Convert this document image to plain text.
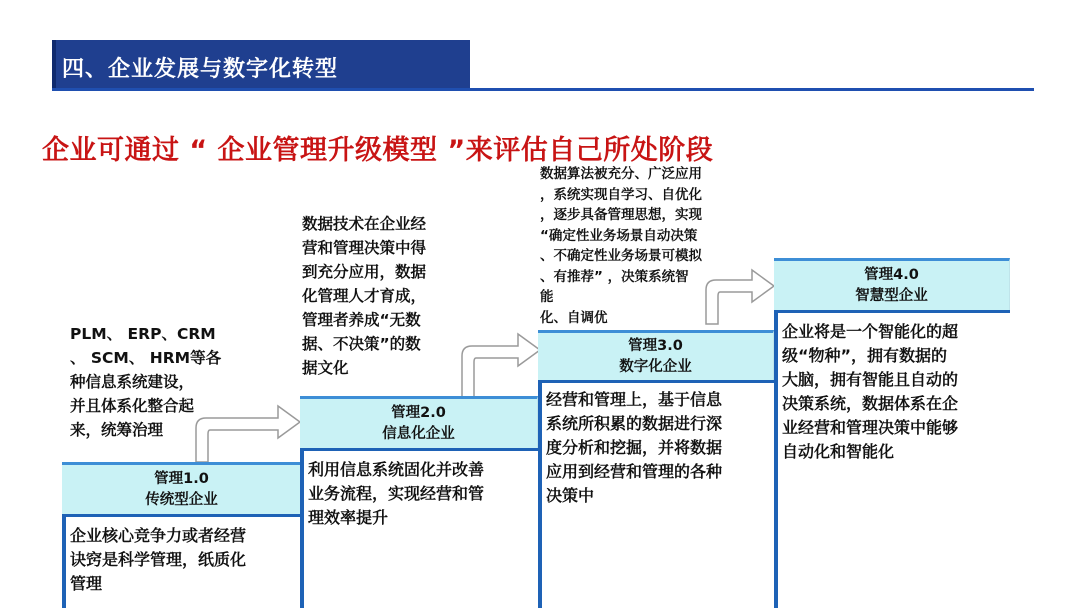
四、企业发展与数字化转型
企业可通过 “ 企业管理升级模型 ”来评估自己所处阶段
管理1.0
传统型企业
企业核心竞争力或者经营
诀窍是科学管理，纸质化
管理
PLM、 ERP、CRM
、 SCM、 HRM等各
种信息系统建设，
并且体系化整合起
来，统筹治理
管理2.0
信息化企业
利用信息系统固化并改善
业务流程，实现经营和管
理效率提升
数据技术在企业经
营和管理决策中得
到充分应用，数据
化管理人才育成，
管理者养成“无数
据、不决策”的数
据文化
管理3.0
数字化企业
经营和管理上，基于信息
系统所积累的数据进行深
度分析和挖掘，并将数据
应用到经营和管理的各种
决策中
数据算法被充分、广泛应用
，系统实现自学习、自优化
，逐步具备管理思想，实现
“确定性业务场景自动决策
、不确定性业务场景可模拟
、有推荐” ，决策系统智
能
化、自调优
管理4.0
智慧型企业
企业将是一个智能化的超
级“物种”，拥有数据的
大脑，拥有智能且自动的
决策系统，数据体系在企
业经营和管理决策中能够
自动化和智能化
